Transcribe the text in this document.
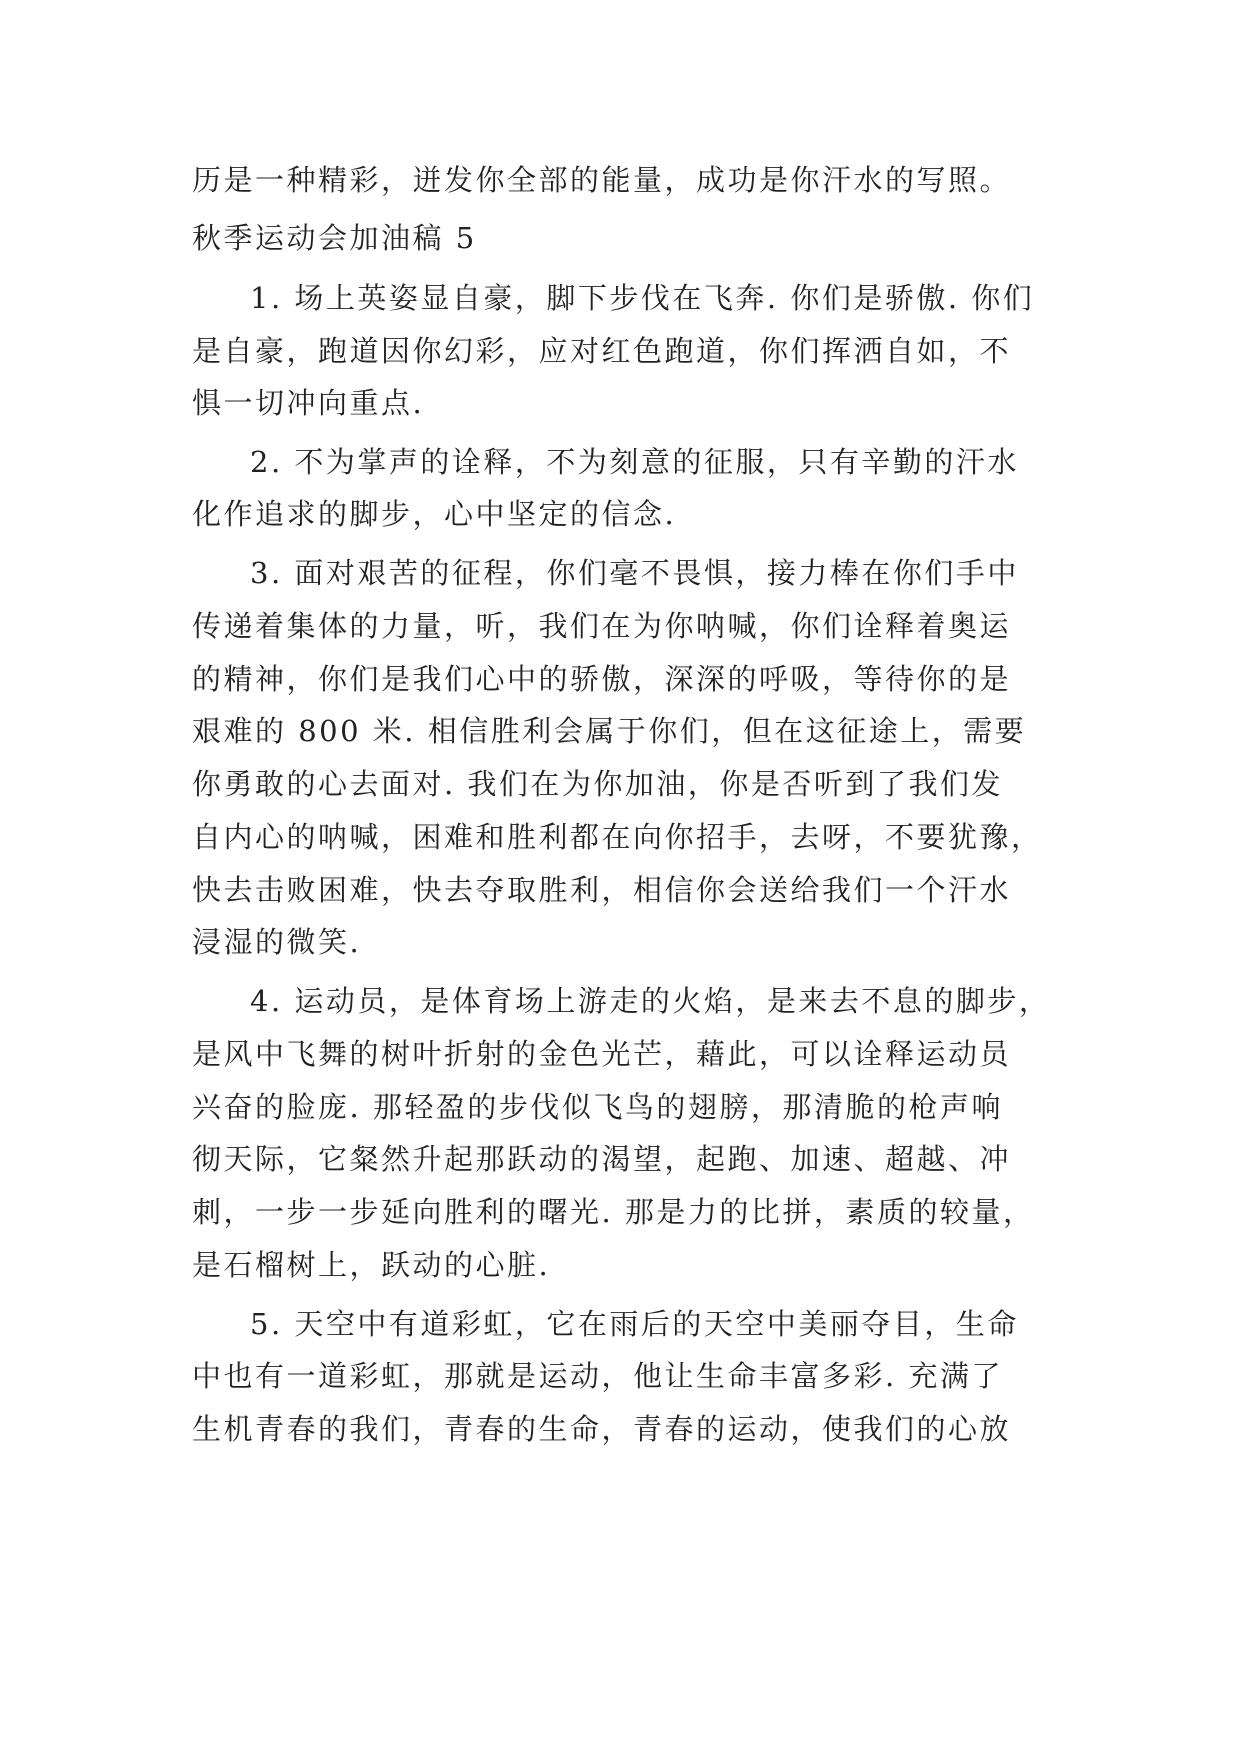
历是一种精彩，迸发你全部的能量，成功是你汗水的写照。
秋季运动会加油稿 5
1. 场上英姿显自豪，脚下步伐在飞奔. 你们是骄傲. 你们
是自豪，跑道因你幻彩，应对红色跑道，你们挥洒自如，不
惧一切冲向重点.
2. 不为掌声的诠释，不为刻意的征服，只有辛勤的汗水
化作追求的脚步，心中坚定的信念.
3. 面对艰苦的征程，你们毫不畏惧，接力棒在你们手中
传递着集体的力量，听，我们在为你呐喊，你们诠释着奥运
的精神，你们是我们心中的骄傲，深深的呼吸，等待你的是
艰难的 800 米. 相信胜利会属于你们，但在这征途上，需要
你勇敢的心去面对. 我们在为你加油，你是否听到了我们发
自内心的呐喊，困难和胜利都在向你招手，去呀，不要犹豫，
快去击败困难，快去夺取胜利，相信你会送给我们一个汗水
浸湿的微笑.
4. 运动员，是体育场上游走的火焰，是来去不息的脚步，
是风中飞舞的树叶折射的金色光芒，藉此，可以诠释运动员
兴奋的脸庞. 那轻盈的步伐似飞鸟的翅膀，那清脆的枪声响
彻天际，它粲然升起那跃动的渴望，起跑、加速、超越、冲
刺，一步一步延向胜利的曙光. 那是力的比拼，素质的较量，
是石榴树上，跃动的心脏.
5. 天空中有道彩虹，它在雨后的天空中美丽夺目，生命
中也有一道彩虹，那就是运动，他让生命丰富多彩. 充满了
生机青春的我们，青春的生命，青春的运动，使我们的心放
